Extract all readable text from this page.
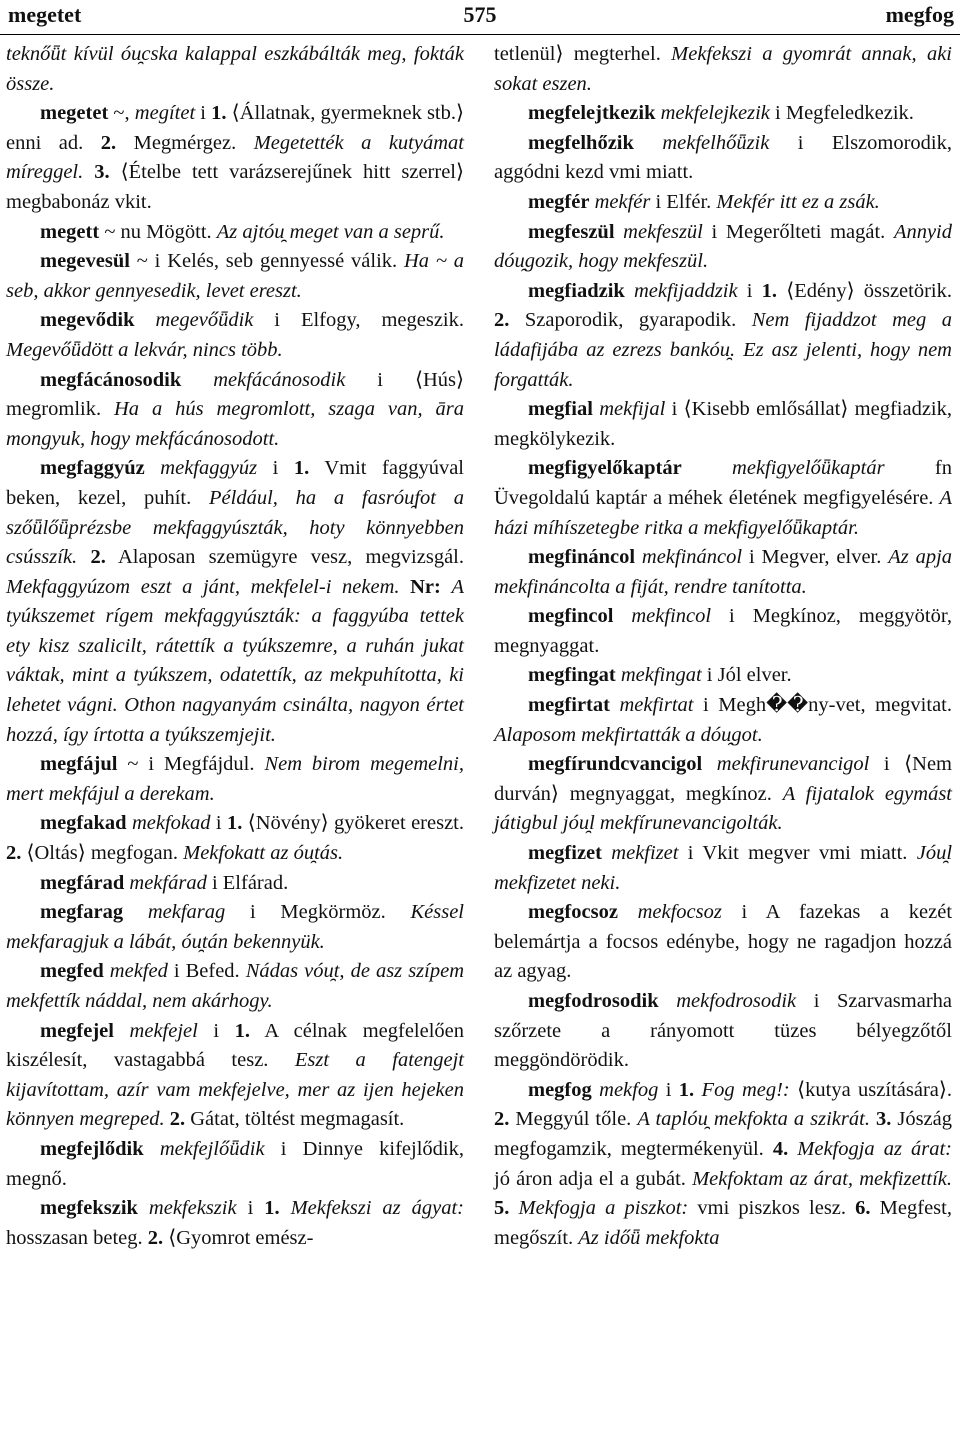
megetet	575	megfog

teknőǖt kívül óu̯cska kalappal eszkábálták meg, fokták össze.

megetet ~, megítet i 1. ⟨Állatnak, gyermeknek stb.⟩ enni ad. 2. Megmérgez. Megetették a kutyámat míreggel. 3. ⟨Ételbe tett varázserejűnek hitt szerrel⟩ megbabonáz vkit.

megett ~ nu Mögött. Az ajtóu̯ meget van a seprű.

megevesül ~ i Kelés, seb gennyessé válik. Ha ~ a seb, akkor gennyesedik, levet ereszt.

megevődik megevőǖdik i Elfogy, megeszik. Megevőǖdött a lekvár, nincs több.

megfácánosodik mekfácánosodik i ⟨Hús⟩ megromlik. Ha a hús megromlott, szaga van, āra mongyuk, hogy mekfácánosodott.

megfaggyúz mekfaggyúz i 1. Vmit faggyúval beken, kezel, puhít. Például, ha a fasróu̯fot a szőǖlőǖprézsbe mekfaggyúszták, hoty könnyebben csússzík. 2. Alaposan szemügyre vesz, megvizsgál. Mekfaggyúzom eszt a jánt, mekfelel-i nekem. Nr: A tyúkszemet rígem mekfaggyúszták: a faggyúba tettek ety kisz szalicilt, rátettík a tyúkszemre, a ruhán jukat váktak, mint a tyúkszem, odatettík, az mekpuhította, ki lehetet vágni. Othon nagyanyám csinálta, nagyon értet hozzá, így írtotta a tyúkszemjejit.

megfájul ~ i Megfájdul. Nem birom megemelni, mert mekfájul a derekam.

megfakad mekfokad i 1. ⟨Növény⟩ gyökeret ereszt. 2. ⟨Oltás⟩ megfogan. Mekfokatt az óu̯tás.

megfárad mekfárad i Elfárad.

megfarag mekfarag i Megkörmöz. Késsel mekfaragjuk a lábát, óu̯tán bekennyük.

megfed mekfed i Befed. Nádas vóu̯t, de asz szípem mekfettík náddal, nem akárhogy.

megfejel mekfejel i 1. A célnak megfelelően kiszélesít, vastagabbá tesz. Eszt a fatengejt kijavítottam, azír vam mekfejelve, mer az ijen hejeken könnyen megreped. 2. Gátat, töltést megmagasít.

megfejlődik mekfejlőǖdik i Dinnye kifejlődik, megnő.

megfekszik mekfekszik i 1. Mekfekszi az ágyat: hosszasan beteg. 2. ⟨Gyomrot emész-

tetlenül⟩ megterhel. Mekfekszi a gyomrát annak, aki sokat eszen.

megfelejtkezik mekfelejkezik i Megfeledkezik.

megfelhőzik mekfelhőǖzik i Elszomorodik, aggódni kezd vmi miatt.

megfér mekfér i Elfér. Mekfér itt ez a zsák.

megfeszül mekfeszül i Megerőlteti magát. Annyid dóu̯gozik, hogy mekfeszül.

megfiadzik mekfijaddzik i 1. ⟨Edény⟩ összetörik. 2. Szaporodik, gyarapodik. Nem fijaddzot meg a ládafijába az ezrezs bankóu̯. Ez asz jelenti, hogy nem forgatták.

megfial mekfijal i ⟨Kisebb emlősállat⟩ megfiadzik, megkölykezik.

megfigyelőkaptár mekfigyelőǖkaptár fn Üvegoldalú kaptár a méhek életének megfigyelésére. A házi míhíszetegbe ritka a mekfigyelőǖkaptár.

megfináncol mekfináncol i Megver, elver. Az apja mekfináncolta a fiját, rendre tanította.

megfincol mekfincol i Megkínoz, meggyötör, megnyaggat.

megfingat mekfingat i Jól elver.

megfirtat mekfirtat i Megh��ny-vet, megvitat. Alaposom mekfirtatták a dóu̯got.

megfírundcvancigol mekfirunevancigol i ⟨Nem durván⟩ megnyaggat, megkínoz. A fijatalok egymást játigbul jóu̯l mekfírunevancigolták.

megfizet mekfizet i Vkit megver vmi miatt. Jóu̯l mekfizetet neki.

megfocsoz mekfocsoz i A fazekas a kezét belemártja a focsos edénybe, hogy ne ragadjon hozzá az agyag.

megfodrosodik mekfodrosodik i Szarvasmarha szőrzete a rányomott tüzes bélyegzőtől meggöndörödik.

megfog mekfog i 1. Fog meg!: ⟨kutya uszítására⟩. 2. Meggyúl tőle. A taplóu̯ mekfokta a szikrát. 3. Jószág megfogamzik, megtermékenyül. 4. Mekfogja az árat: jó áron adja el a gubát. Mekfoktam az árat, mekfizettík. 5. Mekfogja a piszkot: vmi piszkos lesz. 6. Megfest, megőszít. Az időǖ mekfokta
